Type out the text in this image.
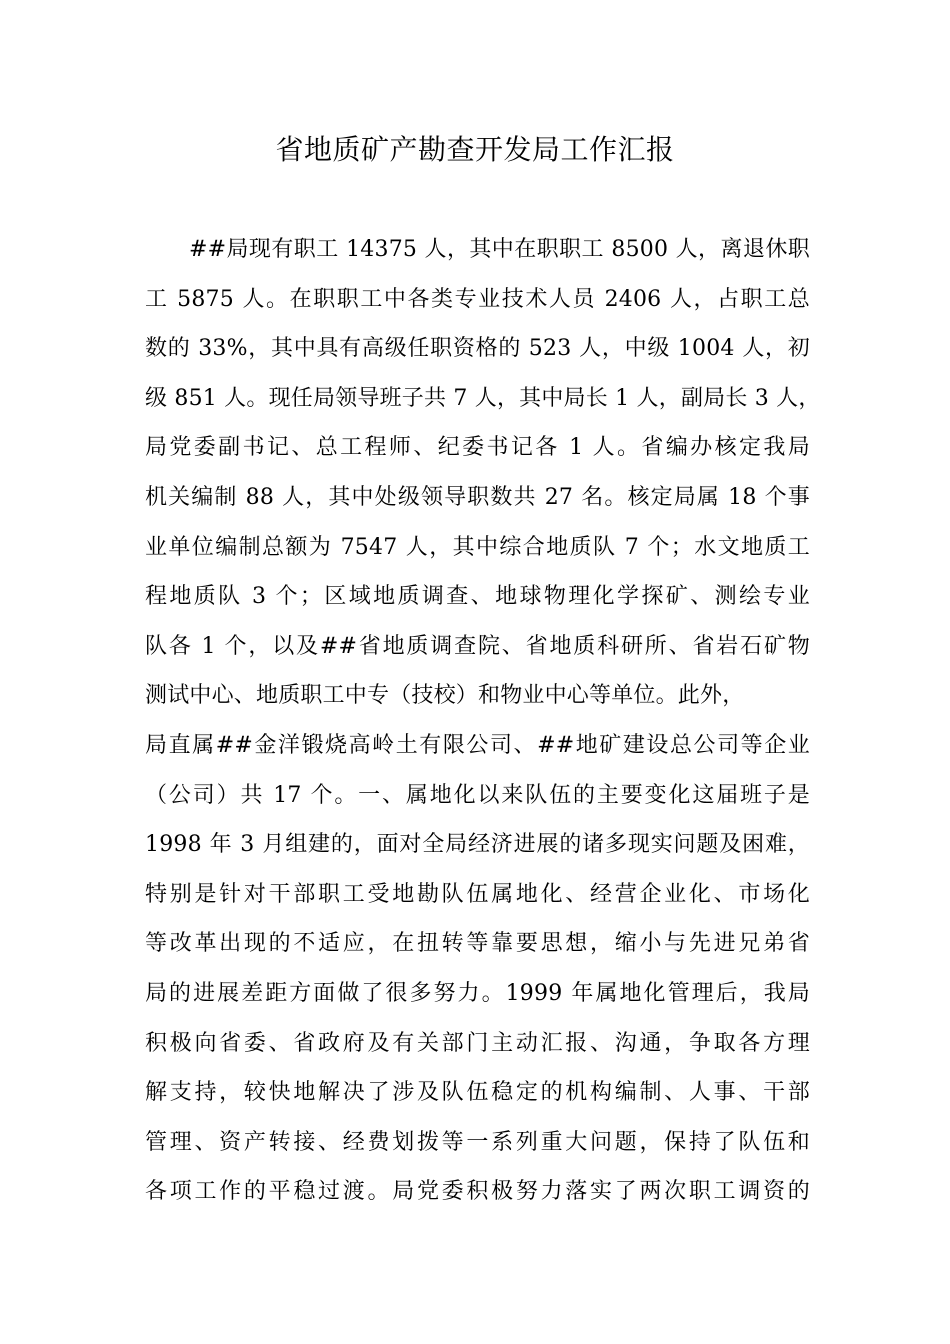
省地质矿产勘查开发局工作汇报
##局现有职工 14375 人，其中在职职工 8500 人，离退休职
工 5875 人。在职职工中各类专业技术人员 2406 人，占职工总
数的 33%，其中具有高级任职资格的 523 人，中级 1004 人，初
级 851 人。现任局领导班子共 7 人，其中局长 1 人，副局长 3 人，
局党委副书记、总工程师、纪委书记各 1 人。省编办核定我局
机关编制 88 人，其中处级领导职数共 27 名。核定局属 18 个事
业单位编制总额为 7547 人，其中综合地质队 7 个；水文地质工
程地质队 3 个；区域地质调查、地球物理化学探矿、测绘专业
队各 1 个，以及##省地质调查院、省地质科研所、省岩石矿物
测试中心、地质职工中专（技校）和物业中心等单位。此外，
局直属##金洋锻烧高岭土有限公司、##地矿建设总公司等企业
（公司）共 17 个。一、属地化以来队伍的主要变化这届班子是
1998 年 3 月组建的，面对全局经济进展的诸多现实问题及困难，
特别是针对干部职工受地勘队伍属地化、经营企业化、市场化
等改革出现的不适应，在扭转等靠要思想，缩小与先进兄弟省
局的进展差距方面做了很多努力。1999 年属地化管理后，我局
积极向省委、省政府及有关部门主动汇报、沟通，争取各方理
解支持，较快地解决了涉及队伍稳定的机构编制、人事、干部
管理、资产转接、经费划拨等一系列重大问题，保持了队伍和
各项工作的平稳过渡。局党委积极努力落实了两次职工调资的
